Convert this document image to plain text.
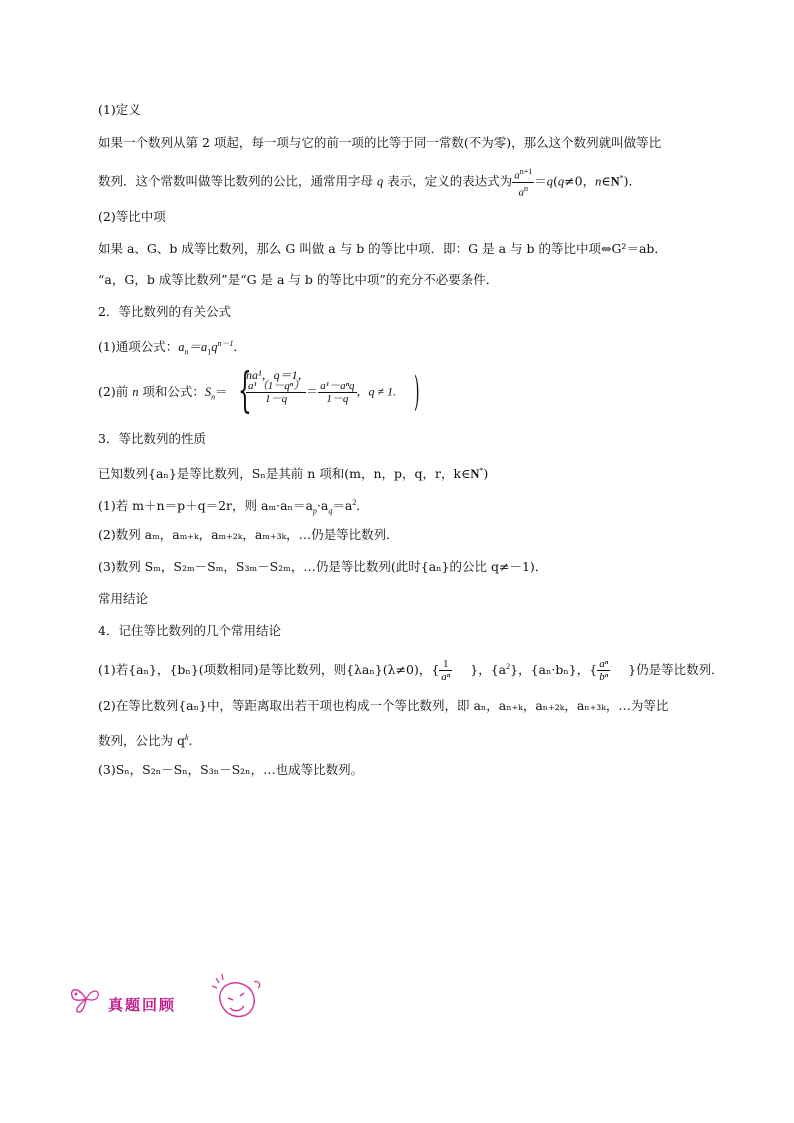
(1)定义
如果一个数列从第 2 项起，每一项与它的前一项的比等于同一常数(不为零)，那么这个数列就叫做等比
数列．这个常数叫做等比数列的公比，通常用字母 q 表示，定义的表达式为 $\frac{a^{n+1}}{a^n} =q(q\ne 0$，n∈N*)．
(2)等比中项
如果 a、G、b 成等比数列，那么 G 叫做 a 与 b 的等比中项．即：G 是 a 与 b 的等比中项⇔G²＝ab．
“a，G，b 成等比数列”是“G 是 a 与 b 的等比中项”的充分不必要条件．
2．等比数列的有关公式
(1)通项公式：$a_n=a_1q^{n-1}$．
(2)前 n 项和公式：$S_n=$ {	)
na¹，q＝1，
$\frac{\text{a¹（1－qⁿ）}}{1-q} = \frac{\text{a¹－aⁿq}}{1-q}$ ，q ≠ 1.
3．等比数列的性质
已知数列{aₙ}是等比数列，Sₙ是其前 n 项和(m，n，p，q，r，k∈N*)
(1)若 m＋n＝p＋q＝2r，则 $a_m\cdot a_n=a_p\cdot a_q=a^2$．
(2)数列 aₘ，aₘ₊ₖ，aₘ₊₂ₖ，aₘ₊₃ₖ，…仍是等比数列．
(3)数列 Sₘ，S₂ₘ－Sₘ，S₃ₘ－S₂ₘ，…仍是等比数列(此时{aₙ}的公比 q≠－1)．
常用结论
4．记住等比数列的几个常用结论
(1)若{aₙ}，{bₙ}(项数相同)是等比数列，则{λaₙ}(λ≠0)，{ $\frac{1}{\text{aⁿ}}$ }，$\{a^2\}$，{aₙ·bₙ}，{ $\frac{\text{aⁿ}}{\text{bⁿ}}$ }仍是等比数列．
(2)在等比数列{aₙ}中，等距离取出若干项也构成一个等比数列，即 aₙ，aₙ₊ₖ，aₙ₊₂ₖ，aₙ₊₃ₖ，…为等比
数列，公比为 $q^k$.
(3)Sₙ，S₂ₙ－Sₙ，S₃ₙ－S₂ₙ，…也成等比数列。
真题回顾
